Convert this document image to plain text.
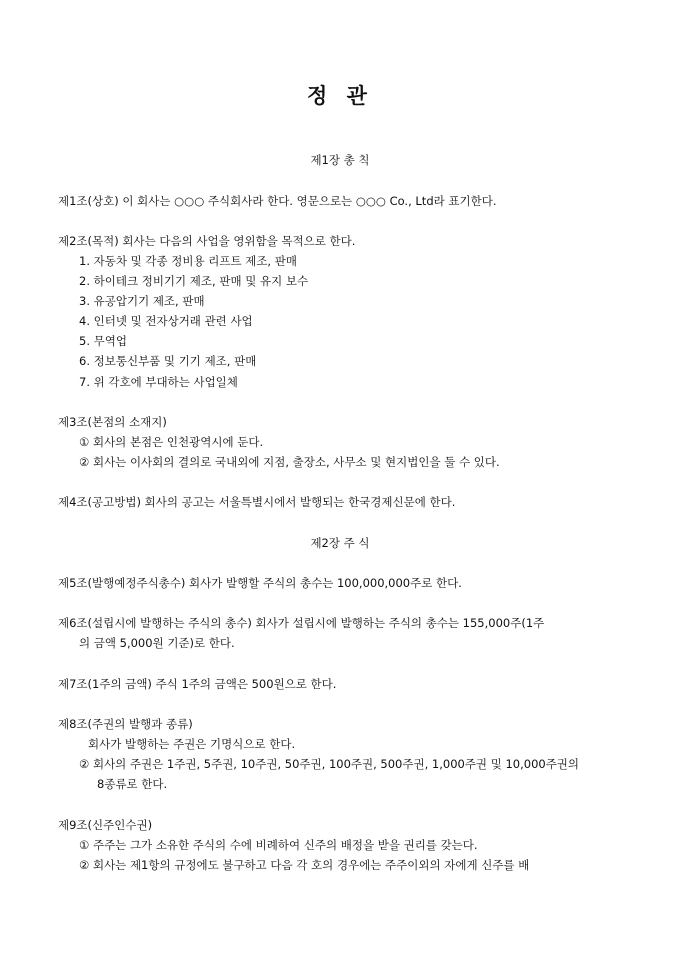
정 관
제1장 총 칙
제1조(상호) 이 회사는 ○○○ 주식회사라 한다. 영문으로는 ○○○ Co., Ltd라 표기한다.
제2조(목적) 회사는 다음의 사업을 영위함을 목적으로 한다.
1. 자동차 및 각종 정비용 리프트 제조, 판매
2. 하이테크 정비기기 제조, 판매 및 유지 보수
3. 유공압기기 제조, 판매
4. 인터넷 및 전자상거래 관련 사업
5. 무역업
6. 정보통신부품 및 기기 제조, 판매
7. 위 각호에 부대하는 사업일체
제3조(본점의 소재지)
① 회사의 본점은 인천광역시에 둔다.
② 회사는 이사회의 결의로 국내외에 지점, 출장소, 사무소 및 현지법인을 둘 수 있다.
제4조(공고방법) 회사의 공고는 서울특별시에서 발행되는 한국경제신문에 한다.
제2장 주 식
제5조(발행예정주식총수) 회사가 발행할 주식의 총수는 100,000,000주로 한다.
제6조(설립시에 발행하는 주식의 총수) 회사가 설립시에 발행하는 주식의 총수는 155,000주(1주
의 금액 5,000원 기준)로 한다.
제7조(1주의 금액) 주식 1주의 금액은 500원으로 한다.
제8조(주권의 발행과 종류)
회사가 발행하는 주권은 기명식으로 한다.
② 회사의 주권은 1주권, 5주권, 10주권, 50주권, 100주권, 500주권, 1,000주권 및 10,000주권의
8종류로 한다.
제9조(신주인수권)
① 주주는 그가 소유한 주식의 수에 비례하여 신주의 배정을 받을 권리를 갖는다.
② 회사는 제1항의 규정에도 불구하고 다음 각 호의 경우에는 주주이외의 자에게 신주를 배
